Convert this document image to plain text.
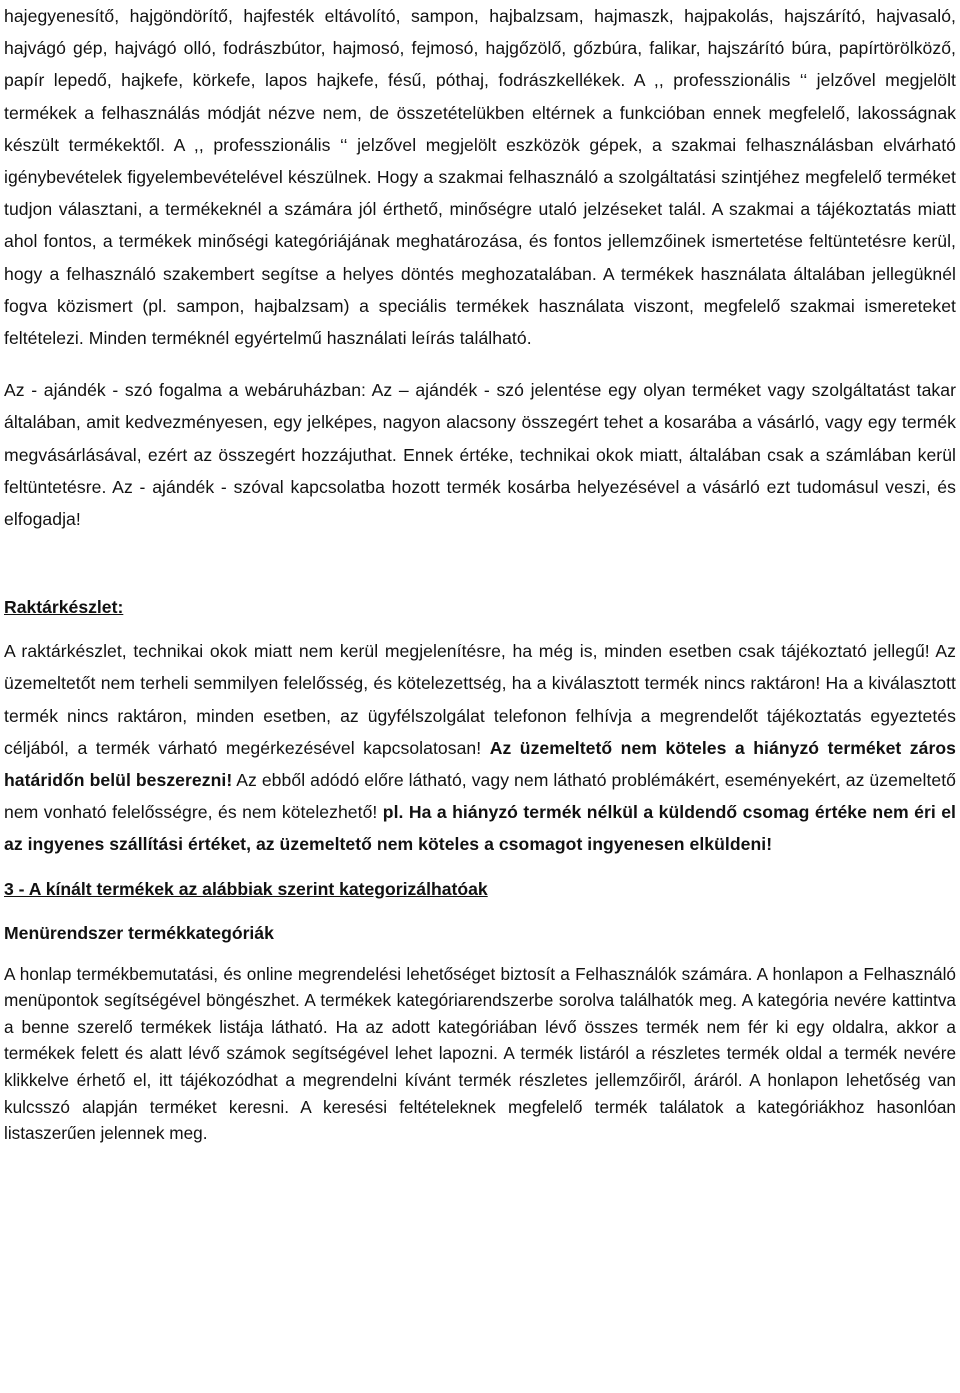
hajegyenesítő, hajgöndörítő, hajfesték eltávolító, sampon, hajbalzsam, hajmaszk, hajpakolás, hajszárító, hajvasaló, hajvágó gép, hajvágó olló, fodrászbútor, hajmosó, fejmosó, hajgőzölő, gőzbúra, falikar, hajszárító búra, papírtörölköző, papír lepedő, hajkefe, körkefe, lapos hajkefe, fésű, póthaj, fodrászkellékek. A ,, professzionális ‘‘ jelzővel megjelölt termékek a felhasználás módját nézve nem, de összetételükben eltérnek a funkcióban ennek megfelelő, lakosságnak készült termékektől. A ,, professzionális ‘‘ jelzővel megjelölt eszközök gépek, a szakmai felhasználásban elvárható igénybevételek figyelembevételével készülnek. Hogy a szakmai felhasználó a szolgáltatási szintjéhez megfelelő terméket tudjon választani, a termékeknél a számára jól érthető, minőségre utaló jelzéseket talál. A szakmai a tájékoztatás miatt ahol fontos, a termékek minőségi kategóriájának meghatározása, és fontos jellemzőinek ismertetése feltüntetésre kerül, hogy a felhasználó szakembert segítse a helyes döntés meghozatalában. A termékek használata általában jellegüknél fogva közismert (pl. sampon, hajbalzsam) a speciális termékek használata viszont, megfelelő szakmai ismereteket feltételezi. Minden terméknél egyértelmű használati leírás található.

Az - ajándék - szó fogalma a webáruházban: Az – ajándék - szó jelentése egy olyan terméket vagy szolgáltatást takar általában, amit kedvezményesen, egy jelképes, nagyon alacsony összegért tehet a kosarába a vásárló, vagy egy termék megvásárlásával, ezért az összegért hozzájuthat. Ennek értéke, technikai okok miatt, általában csak a számlában kerül feltüntetésre. Az - ajándék - szóval kapcsolatba hozott termék kosárba helyezésével a vásárló ezt tudomásul veszi, és elfogadja!

Raktárkészlet:

A raktárkészlet, technikai okok miatt nem kerül megjelenítésre, ha még is, minden esetben csak tájékoztató jellegű! Az üzemeltetőt nem terheli semmilyen felelősség, és kötelezettség, ha a kiválasztott termék nincs raktáron! Ha a kiválasztott termék nincs raktáron, minden esetben, az ügyfélszolgálat telefonon felhívja a megrendelőt tájékoztatás egyeztetés céljából, a termék várható megérkezésével kapcsolatosan! Az üzemeltető nem köteles a hiányzó terméket záros határidőn belül beszerezni! Az ebből adódó előre látható, vagy nem látható problémákért, eseményekért, az üzemeltető nem vonható felelősségre, és nem kötelezhető! pl. Ha a hiányzó termék nélkül a küldendő csomag értéke nem éri el az ingyenes szállítási értéket, az üzemeltető nem köteles a csomagot ingyenesen elküldeni!

3 - A kínált termékek az alábbiak szerint kategorizálhatóak

Menürendszer termékkategóriák

A honlap termékbemutatási, és online megrendelési lehetőséget biztosít a Felhasználók számára. A honlapon a Felhasználó menüpontok segítségével böngészhet. A termékek kategóriarendszerbe sorolva találhatók meg. A kategória nevére kattintva a benne szerelő termékek listája látható. Ha az adott kategóriában lévő összes termék nem fér ki egy oldalra, akkor a termékek felett és alatt lévő számok segítségével lehet lapozni. A termék listáról a részletes termék oldal a termék nevére klikkelve érhető el, itt tájékozódhat a megrendelni kívánt termék részletes jellemzőiről, áráról. A honlapon lehetőség van kulcsszó alapján terméket keresni. A keresési feltételeknek megfelelő termék találatok a kategóriákhoz hasonlóan listaszerűen jelennek meg.
